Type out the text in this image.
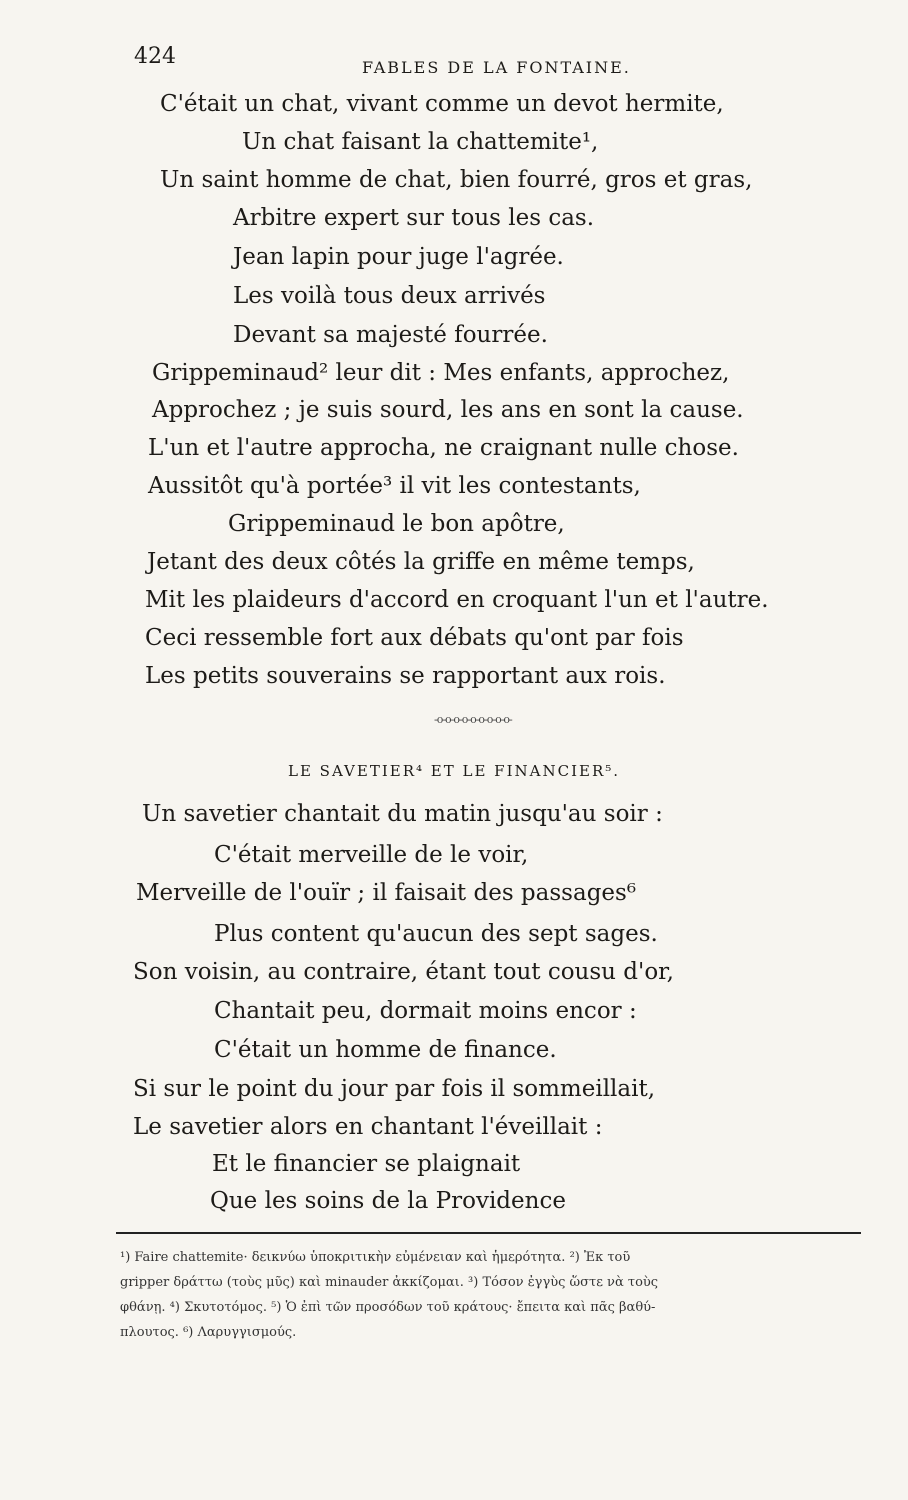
424	FABLES DE LA FONTAINE.
C'était un chat, vivant comme un devot hermite,
Un chat faisant la chattemite¹,
Un saint homme de chat, bien fourré, gros et gras,
Arbitre expert sur tous les cas.
Jean lapin pour juge l'agrée.
Les voilà tous deux arrivés
Devant sa majesté fourrée.
Grippeminaud² leur dit : Mes enfants, approchez,
Approchez ; je suis sourd, les ans en sont la cause.
L'un et l'autre approcha, ne craignant nulle chose.
Aussitôt qu'à portée³ il vit les contestants,
Grippeminaud le bon apôtre,
Jetant des deux côtés la griffe en même temps,
Mit les plaideurs d'accord en croquant l'un et l'autre.
Ceci ressemble fort aux débats qu'ont par fois
Les petits souverains se rapportant aux rois.
-o-o-o-o-o-o-o-o-o-
LE SAVETIER⁴ ET LE FINANCIER⁵.
Un savetier chantait du matin jusqu'au soir :
C'était merveille de le voir,
Merveille de l'ouïr ; il faisait des passages⁶
Plus content qu'aucun des sept sages.
Son voisin, au contraire, étant tout cousu d'or,
Chantait peu, dormait moins encor :
C'était un homme de finance.
Si sur le point du jour par fois il sommeillait,
Le savetier alors en chantant l'éveillait :
Et le financier se plaignait
Que les soins de la Providence
¹) Faire chattemite· δεικνύω ὑποκριτικὴν εὐμένειαν καὶ ἡμερότητα. ²) Ἐκ τοῦ
gripper δράττω (τοὺς μῦς) καὶ minauder ἀκκίζομαι. ³) Τόσον ἐγγὺς ὥστε νὰ τοὺς
φθάνῃ. ⁴) Σκυτοτόμος. ⁵) Ὁ ἐπὶ τῶν προσόδων τοῦ κράτους· ἔπειτα καὶ πᾶς βαθύ-
πλουτος. ⁶) Λαρυγγισμούς.
